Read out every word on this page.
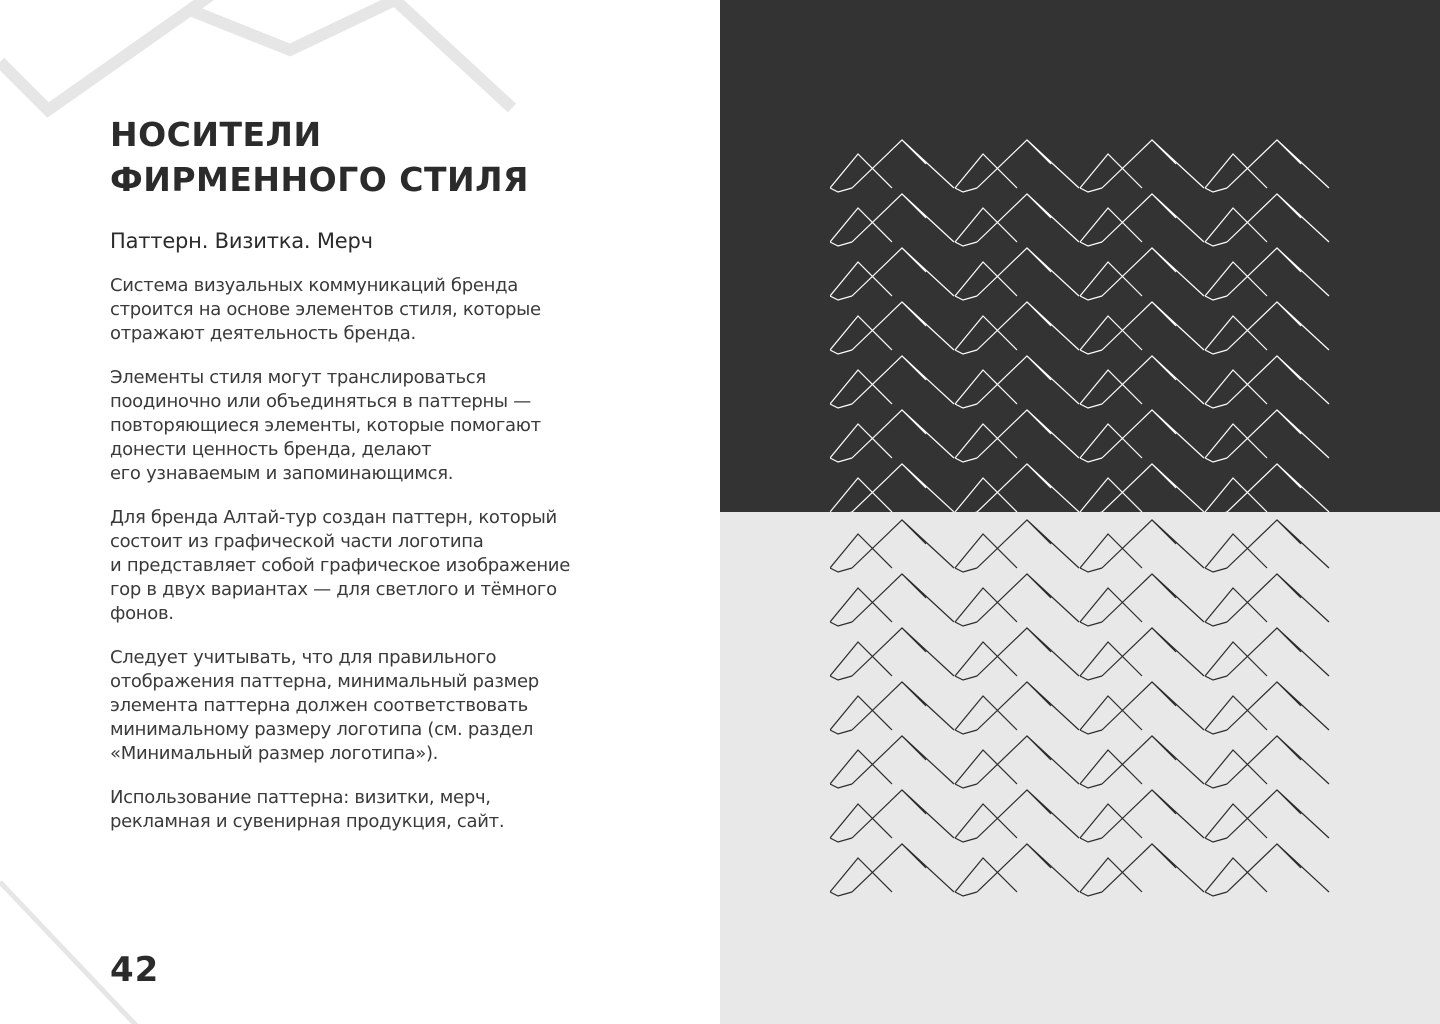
НОСИТЕЛИ
ФИРМЕННОГО СТИЛЯ
Паттерн. Визитка. Мерч

Система визуальных коммуникаций бренда
строится на основе элементов стиля, которые
отражают деятельность бренда.

Элементы стиля могут транслироваться
поодиночно или объединяться в паттерны —
повторяющиеся элементы, которые помогают
донести ценность бренда, делают
его узнаваемым и запоминающимся.

Для бренда Алтай-тур создан паттерн, который
состоит из графической части логотипа
и представляет собой графическое изображение
гор в двух вариантах — для светлого и тёмного
фонов.

Следует учитывать, что для правильного
отображения паттерна, минимальный размер
элемента паттерна должен соответствовать
минимальному размеру логотипа (см. раздел
«Минимальный размер логотипа»).

Использование паттерна: визитки, мерч,
рекламная и сувенирная продукция, сайт.

42
